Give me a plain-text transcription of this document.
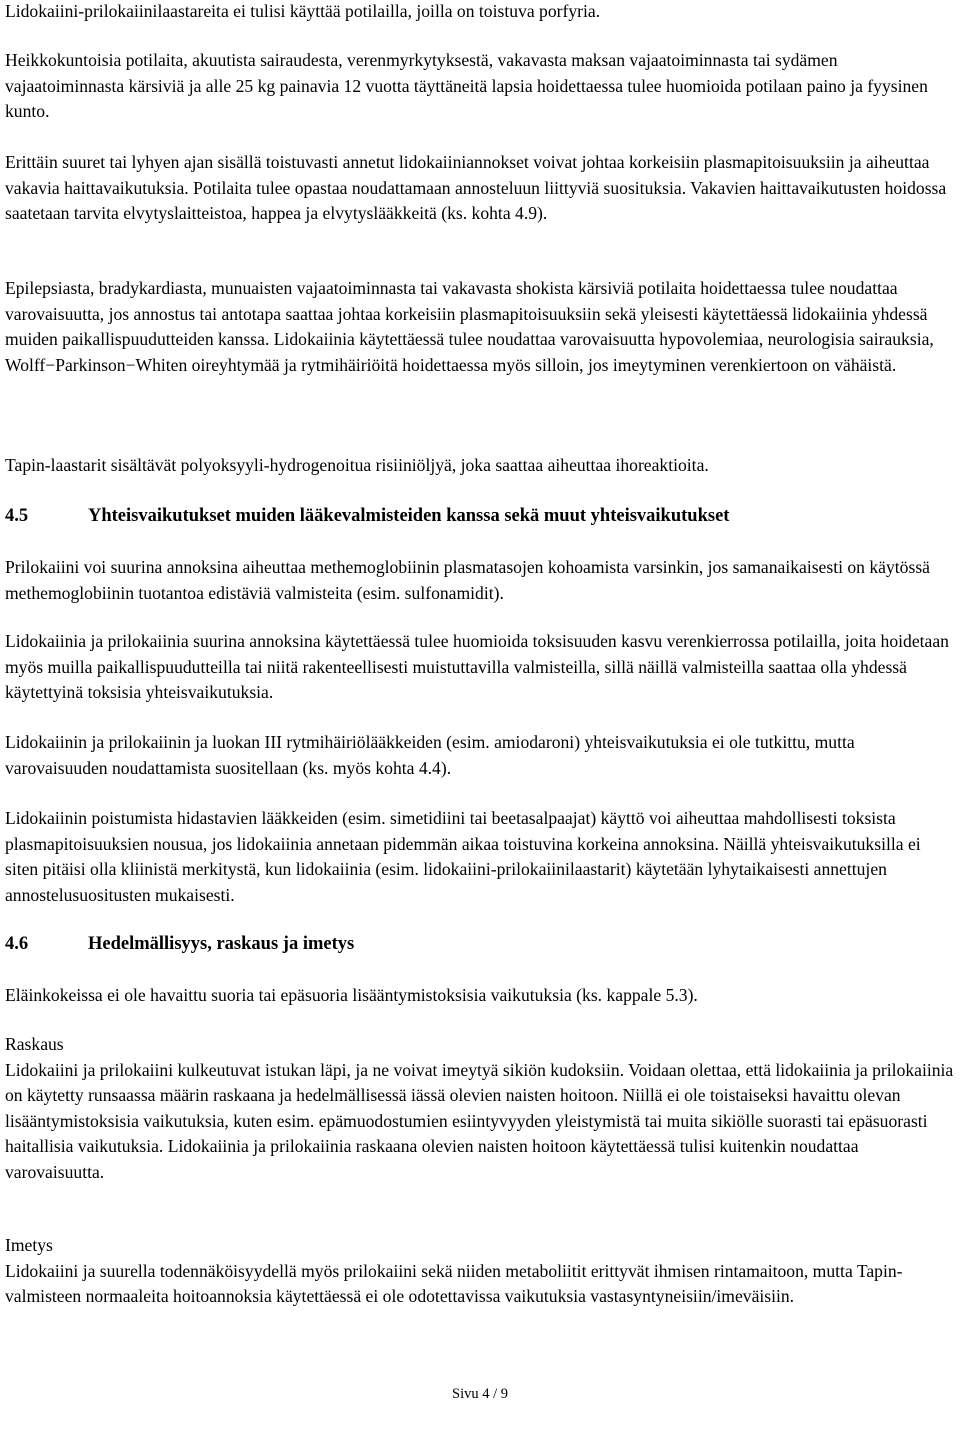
Lidokaiini-prilokaiinilaastareita ei tulisi käyttää potilailla, joilla on toistuva porfyria.

Heikkokuntoisia potilaita, akuutista sairaudesta, verenmyrkytyksestä, vakavasta maksan vajaatoiminnasta tai sydämen vajaatoiminnasta kärsiviä ja alle 25 kg painavia 12 vuotta täyttäneitä lapsia hoidettaessa tulee huomioida potilaan paino ja fyysinen kunto.

Erittäin suuret tai lyhyen ajan sisällä toistuvasti annetut lidokaiiniannokset voivat johtaa korkeisiin plasmapitoisuuksiin ja aiheuttaa vakavia haittavaikutuksia. Potilaita tulee opastaa noudattamaan annosteluun liittyviä suosituksia. Vakavien haittavaikutusten hoidossa saatetaan tarvita elvytyslaitteistoa, happea ja elvytyslääkkeitä (ks. kohta 4.9).

Epilepsiasta, bradykardiasta, munuaisten vajaatoiminnasta tai vakavasta shokista kärsiviä potilaita hoidettaessa tulee noudattaa varovaisuutta, jos annostus tai antotapa saattaa johtaa korkeisiin plasmapitoisuuksiin sekä yleisesti käytettäessä lidokaiinia yhdessä muiden paikallispuudutteiden kanssa. Lidokaiinia käytettäessä tulee noudattaa varovaisuutta hypovolemiaa, neurologisia sairauksia, Wolff−Parkinson−Whiten oireyhtymää ja rytmihäiriöitä hoidettaessa myös silloin, jos imeytyminen verenkiertoon on vähäistä.

Tapin-laastarit sisältävät polyoksyyli-hydrogenoitua risiiniöljyä, joka saattaa aiheuttaa ihoreaktioita.

4.5	Yhteisvaikutukset muiden lääkevalmisteiden kanssa sekä muut yhteisvaikutukset

Prilokaiini voi suurina annoksina aiheuttaa methemoglobiinin plasmatasojen kohoamista varsinkin, jos samanaikaisesti on käytössä methemoglobiinin tuotantoa edistäviä valmisteita (esim. sulfonamidit).

Lidokaiinia ja prilokaiinia suurina annoksina käytettäessä tulee huomioida toksisuuden kasvu verenkierrossa potilailla, joita hoidetaan myös muilla paikallispuudutteilla tai niitä rakenteellisesti muistuttavilla valmisteilla, sillä näillä valmisteilla saattaa olla yhdessä käytettyinä toksisia yhteisvaikutuksia.

Lidokaiinin ja prilokaiinin ja luokan III rytmihäiriölääkkeiden (esim. amiodaroni) yhteisvaikutuksia ei ole tutkittu, mutta varovaisuuden noudattamista suositellaan (ks. myös kohta 4.4).

Lidokaiinin poistumista hidastavien lääkkeiden (esim. simetidiini tai beetasalpaajat) käyttö voi aiheuttaa mahdollisesti toksista plasmapitoisuuksien nousua, jos lidokaiinia annetaan pidemmän aikaa toistuvina korkeina annoksina. Näillä yhteisvaikutuksilla ei siten pitäisi olla kliinistä merkitystä, kun lidokaiinia (esim. lidokaiini-prilokaiinilaastarit) käytetään lyhytaikaisesti annettujen annostelusuositusten mukaisesti.

4.6	Hedelmällisyys, raskaus ja imetys

Eläinkokeissa ei ole havaittu suoria tai epäsuoria lisääntymistoksisia vaikutuksia (ks. kappale 5.3).

Raskaus
Lidokaiini ja prilokaiini kulkeutuvat istukan läpi, ja ne voivat imeytyä sikiön kudoksiin. Voidaan olettaa, että lidokaiinia ja prilokaiinia on käytetty runsaassa määrin raskaana ja hedelmällisessä iässä olevien naisten hoitoon. Niillä ei ole toistaiseksi havaittu olevan lisääntymistoksisia vaikutuksia, kuten esim. epämuodostumien esiintyvyyden yleistymistä tai muita sikiölle suorasti tai epäsuorasti haitallisia vaikutuksia. Lidokaiinia ja prilokaiinia raskaana olevien naisten hoitoon käytettäessä tulisi kuitenkin noudattaa varovaisuutta.

Imetys
Lidokaiini ja suurella todennäköisyydellä myös prilokaiini sekä niiden metaboliitit erittyvät ihmisen rintamaitoon, mutta Tapin-valmisteen normaaleita hoitoannoksia käytettäessä ei ole odotettavissa vaikutuksia vastasyntyneisiin/imeväisiin.

Sivu 4 / 9
